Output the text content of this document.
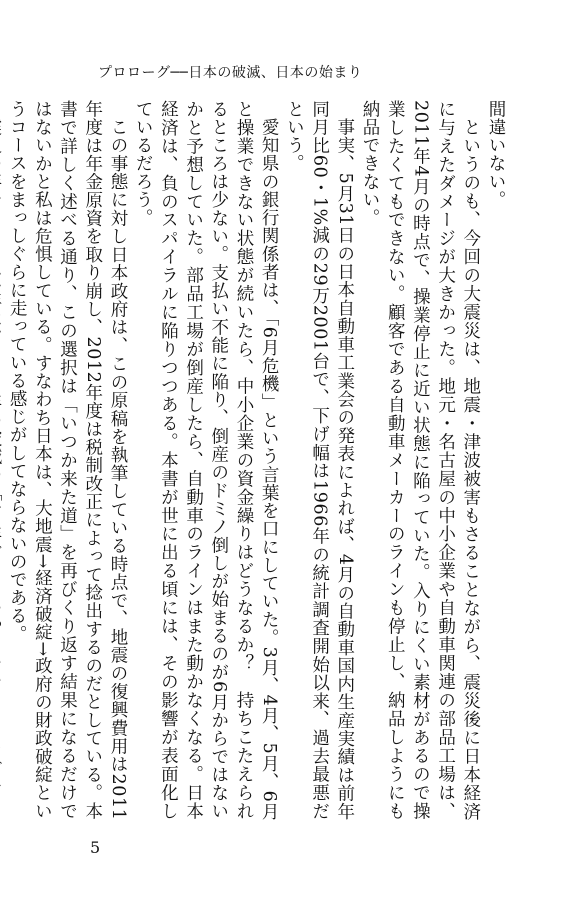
プロローグ──日本の破滅、日本の始まり

間違いない。

というのも、今回の大震災は、地震・津波被害もさることながら、震災後に日本経済に与えたダメージが大きかった。地元・名古屋の中小企業や自動車関連の部品工場は、2011年4月の時点で、操業停止に近い状態に陥っていた。入りにくい素材があるので操業したくてもできない。顧客である自動車メーカーのラインも停止し、納品しようにも納品できない。

事実、5月31日の日本自動車工業会の発表によれば、4月の自動車国内生産実績は前年同月比60・1%減の29万2001台で、下げ幅は1966年の統計調査開始以来、過去最悪だという。

愛知県の銀行関係者は、「6月危機」という言葉を口にしていた。3月、4月、5月、6月と操業できない状態が続いたら、中小企業の資金繰りはどうなるか？　持ちこたえられるところは少ない。支払い不能に陥り、倒産のドミノ倒しが始まるのが6月からではないかと予想していた。部品工場が倒産したら、自動車のラインはまた動かなくなる。日本経済は、負のスパイラルに陥りつつある。本書が世に出る頃には、その影響が表面化しているだろう。

この事態に対し日本政府は、この原稿を執筆している時点で、地震の復興費用は2011年度は年金原資を取り崩し、2012年度は税制改正によって捻出するのだとしている。本書で詳しく述べる通り、この選択は「いつか来た道」を再びくり返す結果になるだけではないかと私は危惧している。すなわち日本は、大地震→経済破綻→政府の財政破綻というコースをまっしぐらに走っている感じがしてならないのである。

5
